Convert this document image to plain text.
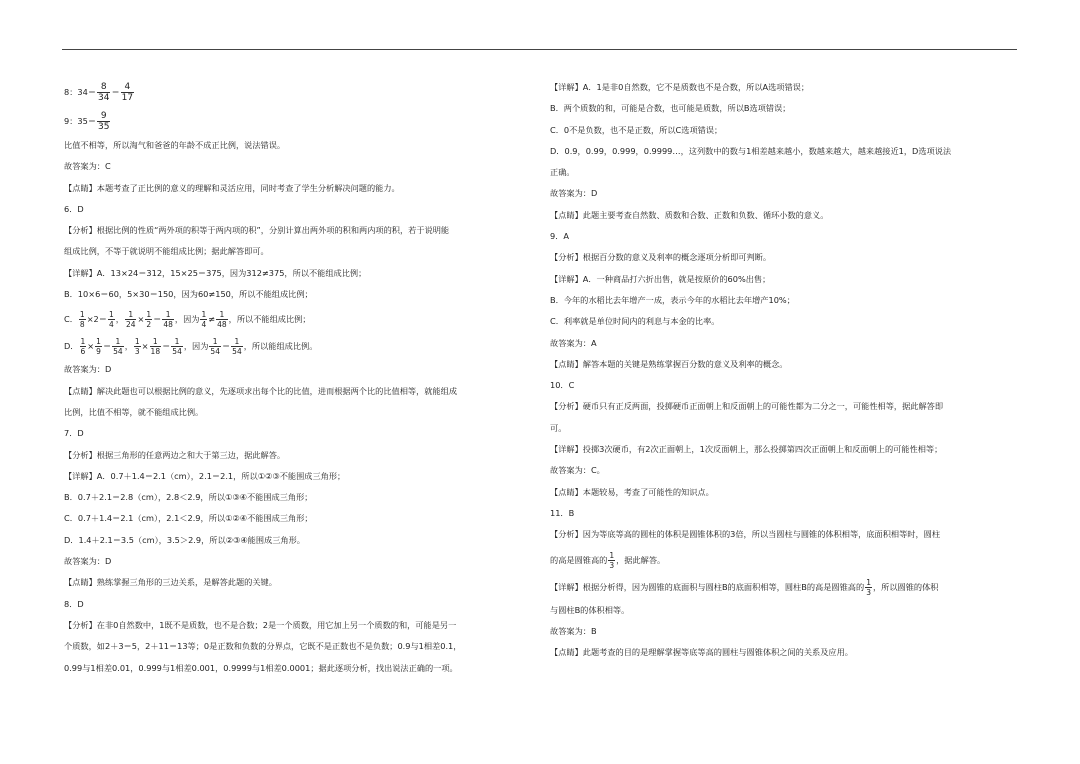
8：$34= \frac{8}{34} = \frac{4}{17}$
9：$35= \frac{9}{35}$
比值不相等，所以淘气和爸爸的年龄不成正比例，说法错误。
故答案为：C
【点睛】本题考查了正比例的意义的理解和灵活应用，同时考查了学生分析解决问题的能力。
6．D
【分析】根据比例的性质“两外项的积等于两内项的积”，分别计算出两外项的积和两内项的积，若于说明能
组成比例，不等于就说明不能组成比例；据此解答即可。
【详解】A．13×24＝312，15×25＝375，因为312≠375，所以不能组成比例；
B．10×6＝60，5×30＝150，因为60≠150，所以不能组成比例；
C． $\frac{1}{8} \times 2= \frac{1}{4}$ ， $\frac{1}{24} \times \frac{1}{2} = \frac{1}{48}$ ，因为 $\frac{1}{4} \ne \frac{1}{48}$ ，所以不能组成比例；
D． $\frac{1}{6} \times \frac{1}{9} = \frac{1}{54}$ ， $\frac{1}{3} \times \frac{1}{18} = \frac{1}{54}$ ，因为 $\frac{1}{54} = \frac{1}{54}$ ，所以能组成比例。
故答案为：D
【点睛】解决此题也可以根据比例的意义，先逐项求出每个比的比值，进而根据两个比的比值相等，就能组成
比例，比值不相等，就不能组成比例。
7．D
【分析】根据三角形的任意两边之和大于第三边，据此解答。
【详解】A．0.7＋1.4＝2.1（cm），2.1＝2.1，所以①②③不能围成三角形；
B．0.7＋2.1＝2.8（cm），2.8＜2.9，所以①③④不能围成三角形；
C．0.7＋1.4＝2.1（cm），2.1＜2.9，所以①②④不能围成三角形；
D．1.4＋2.1＝3.5（cm），3.5＞2.9，所以②③④能围成三角形。
故答案为：D
【点睛】熟练掌握三角形的三边关系，是解答此题的关键。
8．D
【分析】在非0自然数中，1既不是质数，也不是合数；2是一个质数，用它加上另一个质数的和，可能是另一
个质数，如2＋3＝5，2＋11＝13等；0是正数和负数的分界点，它既不是正数也不是负数；0.9与1相差0.1，
0.99与1相差0.01，0.999与1相差0.001，0.9999与1相差0.0001；据此逐项分析，找出说法正确的一项。
【详解】A．1是非0自然数，它不是质数也不是合数，所以A选项错误；
B．两个质数的和，可能是合数，也可能是质数，所以B选项错误；
C．0不是负数，也不是正数，所以C选项错误；
D．0.9，0.99，0.999，0.9999…，这列数中的数与1相差越来越小，数越来越大，越来越接近1，D选项说法
正确。
故答案为：D
【点睛】此题主要考查自然数、质数和合数、正数和负数、循环小数的意义。
9．A
【分析】根据百分数的意义及利率的概念逐项分析即可判断。
【详解】A．一种商品打六折出售，就是按原价的60%出售；
B．今年的水稻比去年增产一成，表示今年的水稻比去年增产10%；
C．利率就是单位时间内的利息与本金的比率。
故答案为：A
【点睛】解答本题的关键是熟练掌握百分数的意义及利率的概念。
10．C
【分析】硬币只有正反两面，投掷硬币正面朝上和反面朝上的可能性都为二分之一，可能性相等，据此解答即
可。
【详解】投掷3次硬币，有2次正面朝上，1次反面朝上，那么投掷第四次正面朝上和反面朝上的可能性相等；
故答案为：C。
【点睛】本题较易，考查了可能性的知识点。
11．B
【分析】因为等底等高的圆柱的体积是圆锥体积的3倍，所以当圆柱与圆锥的体积相等，底面积相等时，圆柱
的高是圆锥高的 $\frac{1}{3}$ ，据此解答。
【详解】根据分析得，因为圆锥的底面积与圆柱B的底面积相等，圆柱B的高是圆锥高的 $\frac{1}{3}$ ，所以圆锥的体积
与圆柱B的体积相等。
故答案为：B
【点睛】此题考查的目的是理解掌握等底等高的圆柱与圆锥体积之间的关系及应用。
